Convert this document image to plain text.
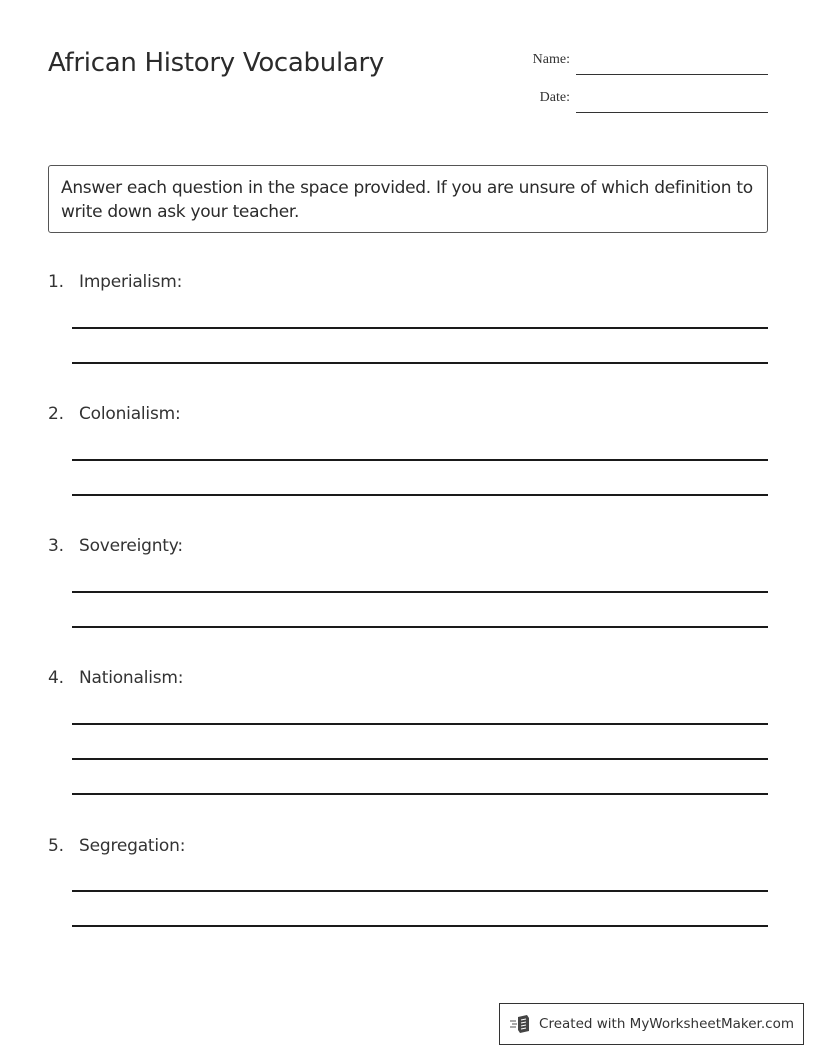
African History Vocabulary	Name:
Date:
Answer each question in the space provided. If you are unsure of which definition to write down ask your teacher.
1. Imperialism:
2. Colonialism:
3. Sovereignty:
4. Nationalism:
5. Segregation:
Created with MyWorksheetMaker.com
